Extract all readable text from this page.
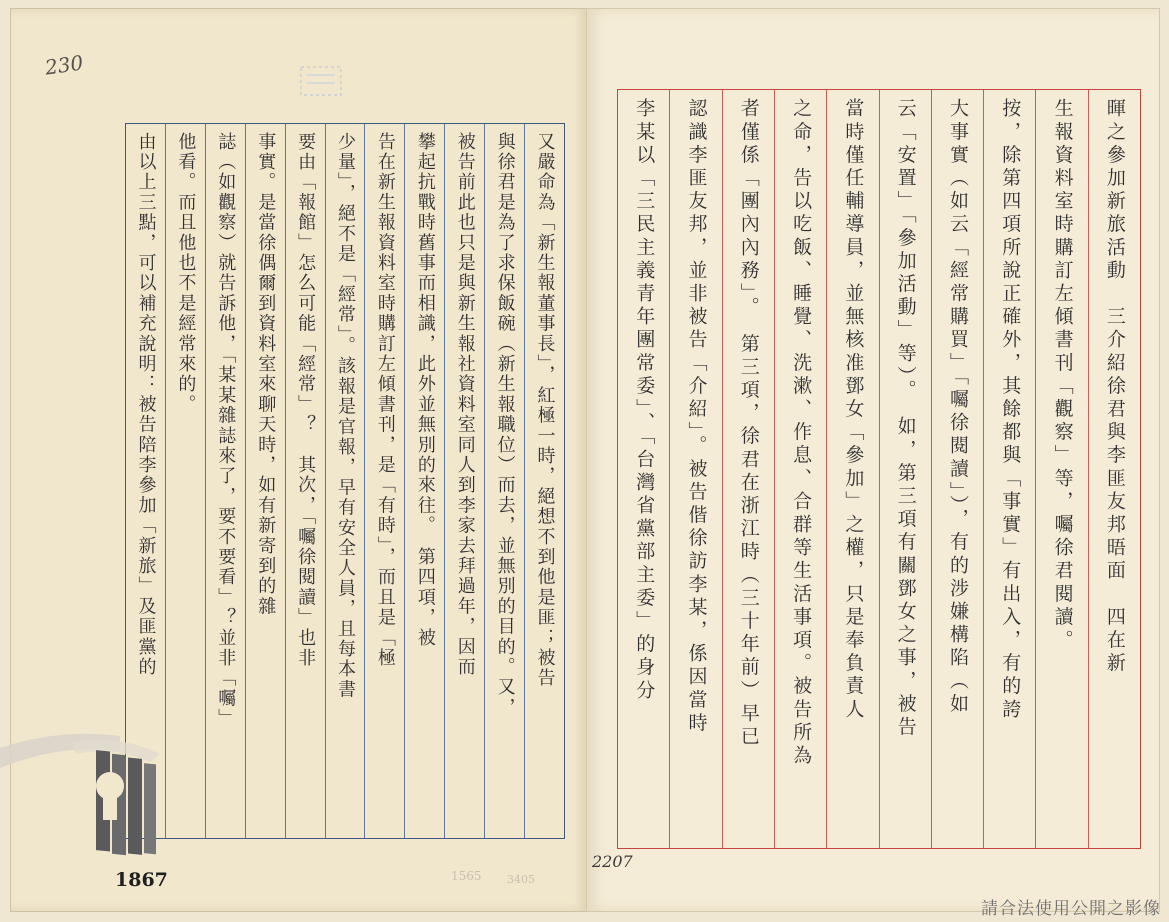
230
又嚴命為「新生報董事長」，紅極一時，絕想不到他是匪；被告
與徐君是為了求保飯碗（新生報職位）而去，並無別的目的。又，
被告前此也只是與新生報社資料室同人到李家去拜過年，因而
攀起抗戰時舊事而相識，此外並無別的來往。　第四項，被
告在新生報資料室時購訂左傾書刊，是「有時」，而且是「極
少量」，絕不是「經常」。該報是官報，早有安全人員，且每本書
要由「報館」怎么可能「經常」？　其次，「囑徐閱讀」也非
事實。是當徐偶爾到資料室來聊天時，如有新寄到的雜
誌（如觀察）就告訴他，「某某雜誌來了，要不要看」？並非「囑」
他看。而且他也不是經常來的。
由以上三點，可以補充說明：被告陪李參加「新旅」及匪黨的
1867	1565 3405
暉之參加新旅活動　三介紹徐君與李匪友邦晤面　四在新
生報資料室時購訂左傾書刊「觀察」等，囑徐君閱讀。
按，除第四項所說正確外，其餘都與「事實」有出入，有的誇
大事實（如云「經常購買」「囑徐閱讀」），有的涉嫌構陷（如
云「安置」「參加活動」等）。　如，第三項有關鄧女之事，被告
當時僅任輔導員，並無核准鄧女「參加」之權，只是奉負責人
之命，告以吃飯、睡覺、洗漱、作息、合群等生活事項。被告所為
者僅係「團內內務」。　第三項，徐君在浙江時（三十年前）早已
認識李匪友邦，並非被告「介紹」。被告偕徐訪李某，係因當時
李某以「三民主義青年團常委」、「台灣省黨部主委」的身分
2207
請合法使用公開之影像
